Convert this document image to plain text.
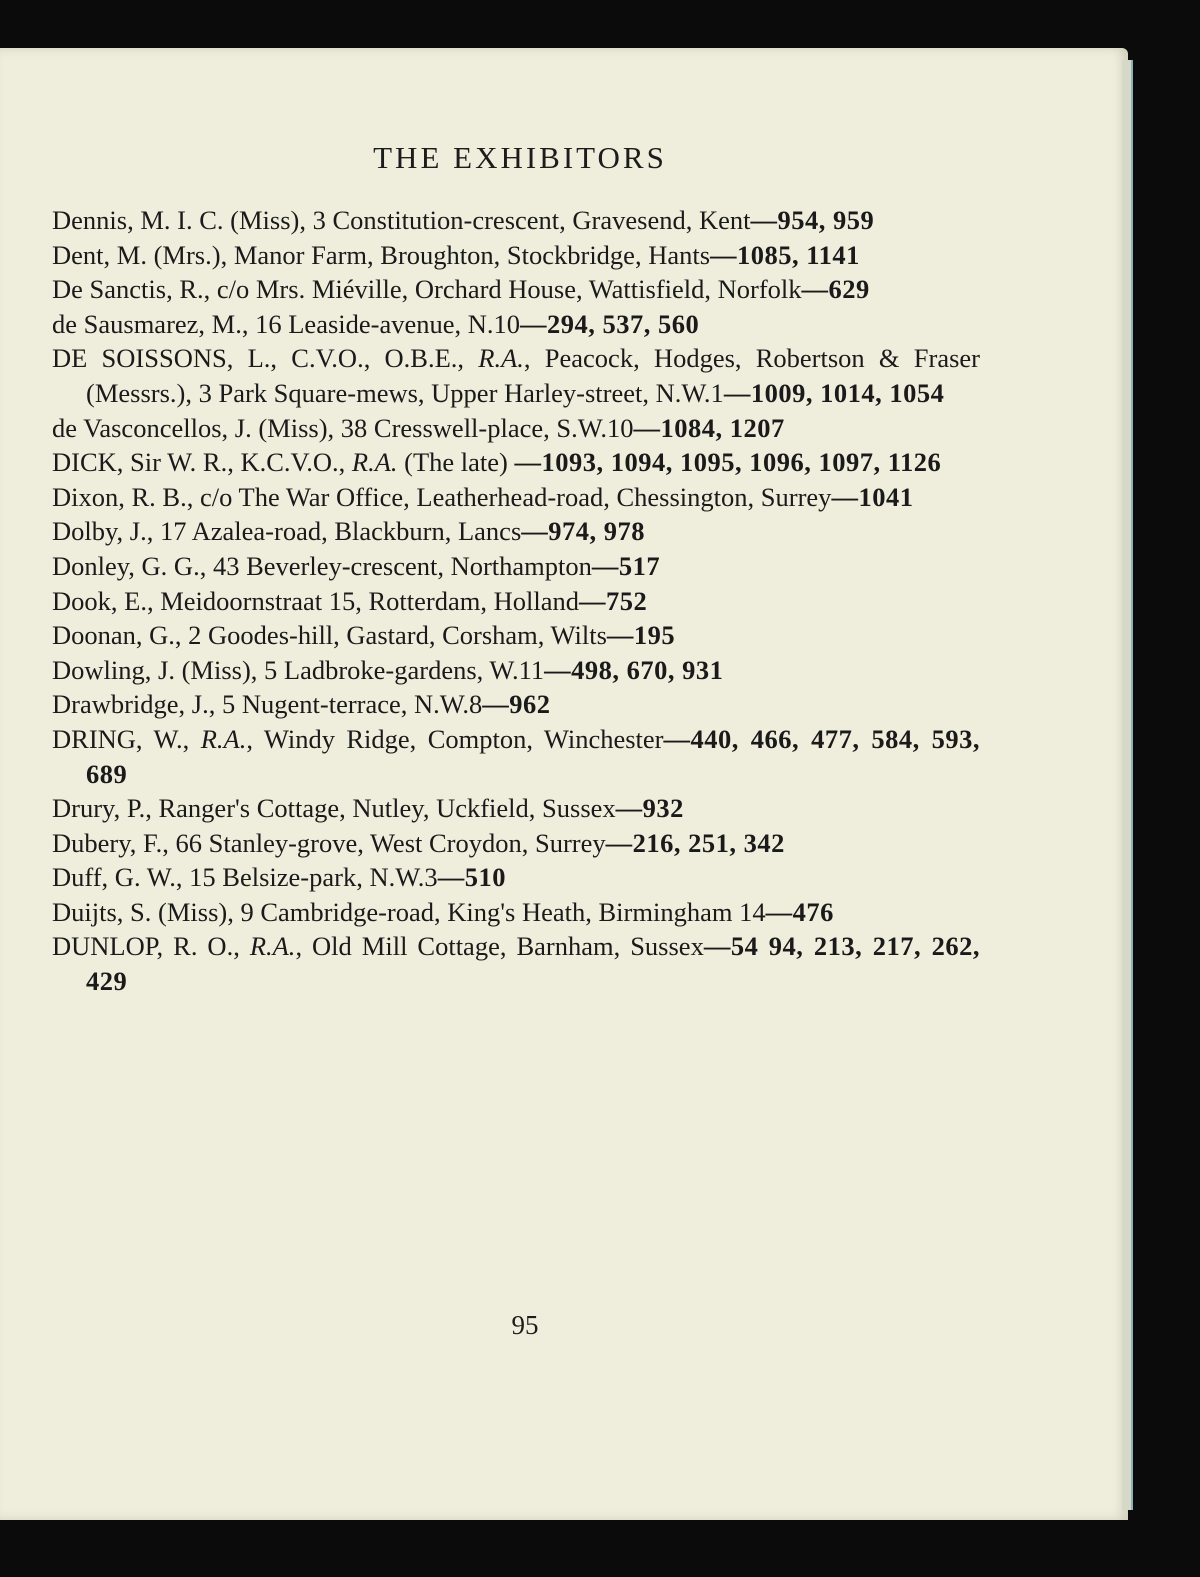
THE EXHIBITORS
Dennis, M. I. C. (Miss), 3 Constitution-crescent, Gravesend, Kent—954, 959
Dent, M. (Mrs.), Manor Farm, Broughton, Stockbridge, Hants—1085, 1141
De Sanctis, R., c/o Mrs. Miéville, Orchard House, Wattisfield, Norfolk—629
de Sausmarez, M., 16 Leaside-avenue, N.10—294, 537, 560
DE SOISSONS, L., C.V.O., O.B.E., R.A., Peacock, Hodges, Robertson & Fraser (Messrs.), 3 Park Square-mews, Upper Harley-street, N.W.1—1009, 1014, 1054
de Vasconcellos, J. (Miss), 38 Cresswell-place, S.W.10—1084, 1207
DICK, Sir W. R., K.C.V.O., R.A. (The late) —1093, 1094, 1095, 1096, 1097, 1126
Dixon, R. B., c/o The War Office, Leatherhead-road, Chessington, Surrey—1041
Dolby, J., 17 Azalea-road, Blackburn, Lancs—974, 978
Donley, G. G., 43 Beverley-crescent, Northampton—517
Dook, E., Meidoornstraat 15, Rotterdam, Holland—752
Doonan, G., 2 Goodes-hill, Gastard, Corsham, Wilts—195
Dowling, J. (Miss), 5 Ladbroke-gardens, W.11—498, 670, 931
Drawbridge, J., 5 Nugent-terrace, N.W.8—962
DRING, W., R.A., Windy Ridge, Compton, Winchester—440, 466, 477, 584, 593, 689
Drury, P., Ranger's Cottage, Nutley, Uckfield, Sussex—932
Dubery, F., 66 Stanley-grove, West Croydon, Surrey—216, 251, 342
Duff, G. W., 15 Belsize-park, N.W.3—510
Duijts, S. (Miss), 9 Cambridge-road, King's Heath, Birmingham 14—476
DUNLOP, R. O., R.A., Old Mill Cottage, Barnham, Sussex—54 94, 213, 217, 262, 429
95
